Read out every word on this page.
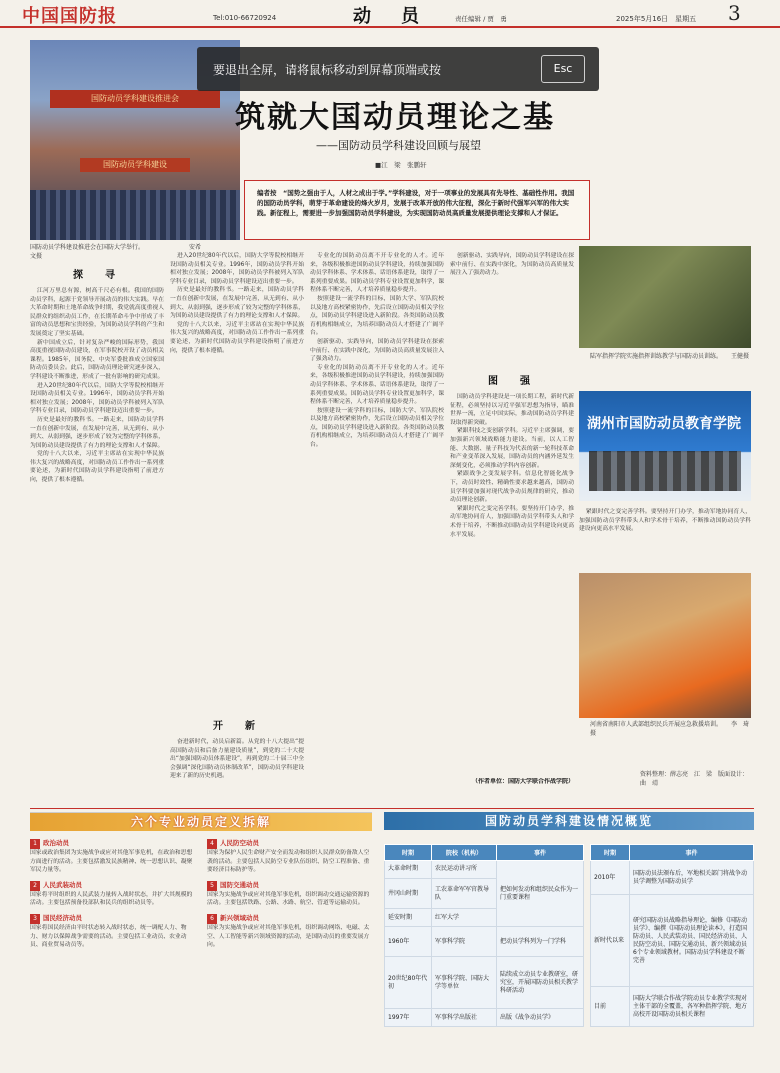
中国国防报	Tel:010-66720924	动　员	责任编辑 / 贾　勇	2025年5月16日　星期五 3
要退出全屏，请将鼠标移动到屏幕顶端或按	Esc
国防动员学科建设推进会
国防动员学科建设
国防动员学科建设推进会在国防大学举行。　　　　　　　　安希文摄
筑就大国动员理论之基
——国防动员学科建设回顾与展望
■江　梁　张鹏轩
编者按　“国势之强由于人，人材之成出于学。”学科建设，对于一项事业的发展具有先导性、基础性作用。我国的国防动员学科，萌芽于革命建设的烽火岁月，发展于改革开放的伟大征程，深化于新时代强军兴军的伟大实践。新征程上，需要进一步加强国防动员学科建设，为实现国防动员高质量发展提供理论支撑和人才保证。
探　寻

江河万里总有源，树高千尺必有根。我国的国防动员学科，起源于党领导开展动员的伟大实践。早在大革命时期和土地革命战争时期，我党就高度重视人民群众的组织动员工作，在长期革命斗争中形成了丰富的动员思想和宝贵经验，为国防动员学科的产生和发展奠定了坚实基础。

新中国成立后，针对复杂严峻的国际形势，我国高度重视国防动员建设，在军事院校开设了动员相关课程。1985年，国务院、中央军委批准成立国家国防动员委员会。此后，国防动员理论研究逐步深入，学科建设不断推进，形成了一批有影响的研究成果。

进入20世纪80年代以后，国防大学等院校相继开设国防动员相关专业。1996年，国防动员学科开始相对独立发展；2008年，国防动员学科被列入军队学科专业目录，国防动员学科建设迈出重要一步。

历史是最好的教科书。一路走来，国防动员学科一直在创新中发展，在发展中完善，从无到有、从小到大、从弱到强，逐步形成了较为完整的学科体系，为国防动员建设提供了有力的理论支撑和人才保障。

党的十八大以来，习近平主席站在实现中华民族伟大复兴的战略高度，对国防动员工作作出一系列重要论述，为新时代国防动员学科建设指明了前进方向，提供了根本遵循。

进入20世纪80年代以后，国防大学等院校相继开设国防动员相关专业。1996年，国防动员学科开始相对独立发展；2008年，国防动员学科被列入军队学科专业目录，国防动员学科建设迈出重要一步。

历史是最好的教科书。一路走来，国防动员学科一直在创新中发展，在发展中完善，从无到有、从小到大、从弱到强，逐步形成了较为完整的学科体系，为国防动员建设提供了有力的理论支撑和人才保障。

党的十八大以来，习近平主席站在实现中华民族伟大复兴的战略高度，对国防动员工作作出一系列重要论述，为新时代国防动员学科建设指明了前进方向，提供了根本遵循。

开　新

奋进新时代，动员启新篇。从党的十八大提出“提高国防动员和后备力量建设质量”，到党的二十大提出“加强国防动员体系建设”，再到党的二十届三中全会强调“深化国防动员体制改革”，国防动员学科建设迎来了新的历史机遇。

专业化的国防动员离不开专业化的人才。近年来，各级积极推进国防动员学科建设，持续加强国防动员学科体系、学术体系、话语体系建设，取得了一系列重要成果。国防动员学科专业设置更加科学，课程体系不断完善，人才培养质量稳步提升。

按照建设一流学科的目标，国防大学、军队院校以及地方高校紧密协作，先后设立国防动员相关学位点，国防动员学科建设进入新阶段。各类国防动员教育机构相继成立，为培养国防动员人才搭建了广阔平台。

创新驱动、实践导向，国防动员学科建设在探索中前行、在实践中深化，为国防动员高质量发展注入了强劲动力。

专业化的国防动员离不开专业化的人才。近年来，各级积极推进国防动员学科建设，持续加强国防动员学科体系、学术体系、话语体系建设，取得了一系列重要成果。国防动员学科专业设置更加科学，课程体系不断完善，人才培养质量稳步提升。

按照建设一流学科的目标，国防大学、军队院校以及地方高校紧密协作，先后设立国防动员相关学位点，国防动员学科建设进入新阶段。各类国防动员教育机构相继成立，为培养国防动员人才搭建了广阔平台。

创新驱动、实践导向，国防动员学科建设在探索中前行、在实践中深化，为国防动员高质量发展注入了强劲动力。

图　强

国防动员学科建设是一项长期工程，新时代新征程，必须坚持以习近平强军思想为指导，瞄准世界一流，立足中国实际，推动国防动员学科建设取得新突破。

紧跟科技之变创新学科。习近平主席强调，要加强新兴领域战略能力建设。当前，以人工智能、大数据、量子科技为代表的新一轮科技革命和产业变革深入发展，国防动员的内涵外延发生深刻变化，必须推动学科内容创新。

紧跟战争之变发展学科。信息化智能化战争下，动员时效性、精确性要求越来越高，国防动员学科要加强对现代战争动员规律的研究，推动动员理论创新。

紧跟时代之变完善学科。要坚持开门办学，推动军地协同育人，加强国防动员学科带头人和学术骨干培养，不断推动国防动员学科建设向更高水平发展。

紧跟时代之变完善学科。要坚持开门办学，推动军地协同育人，加强国防动员学科带头人和学术骨干培养，不断推动国防动员学科建设向更高水平发展。

（作者单位：国防大学联合作战学院）
陆军指挥学院实施指挥训练教学与国防动员训练。　　王健摄
湖州市国防动员教育学院
河南省南阳市人武部组织民兵开展应急救援培训。　　李　琦摄
资料整理：薛志亮　江　梁　版面设计：曲　靖
六个专业动员定义拆解
1 政治动员
国家或政治集团为实施战争或应对其他军事危机，在政治和思想方面进行的活动。主要包括激发民族精神、统一思想认识、凝聚军民力量等。
4 人民防空动员
国家为保护人民生命财产安全而发动和组织人民群众防备敌人空袭的活动。主要包括人民防空专业队伍组织、防空工程准备、重要经济目标防护等。
2 人民武装动员
国家将平时组织的人民武装力量转入战时状态，并扩大其规模的活动。主要包括预备役部队和民兵的组织动员等。
5 国防交通动员
国家为实施战争或应对其他军事危机，组织调动交通运输资源的活动。主要包括铁路、公路、水路、航空、管道等运输动员。
3 国民经济动员
国家将国民经济由平时状态转入战时状态，统一调配人力、物力、财力以保障战争需要的活动。主要包括工业动员、农业动员、商业贸易动员等。
6 新兴领域动员
国家为实施战争或应对其他军事危机，组织调动网络、电磁、太空、人工智能等新兴领域资源的活动，是国防动员的重要发展方向。
国防动员学科建设情况概览
时期	院校（机构）	事件
大革命时期	农民运动讲习所	把如何发动和组织民众作为一门重要课程
井冈山时期	工农革命军军官教导队	
延安时期	红军大学	
1960年	军事科学院	把动员学科列为一门学科
20世纪80年代初	军事科学院、国防大学等单位	陆续成立动员专业教研室，研究室，开展国防动员相关教学科研活动
1997年	军事科学出版社	出版《战争动员学》
时期	事件
2010年	国防动员法颁布后，军地相关部门将战争动员学调整为国防动员学
新时代以来	研究国防动员战略指导理论，编修《国防动员学》、编撰《国防动员理论读本》，打造国防动员、人民武装动员、国民经济动员、人民防空动员、国防交通动员、新兴领域动员6个专业领域教材。国防动员学科建设不断完善
目前	国防大学联合作战学院动员专业教学实现对主体干部的全覆盖，各军种指挥学院、地方高校开设国防动员相关课程
